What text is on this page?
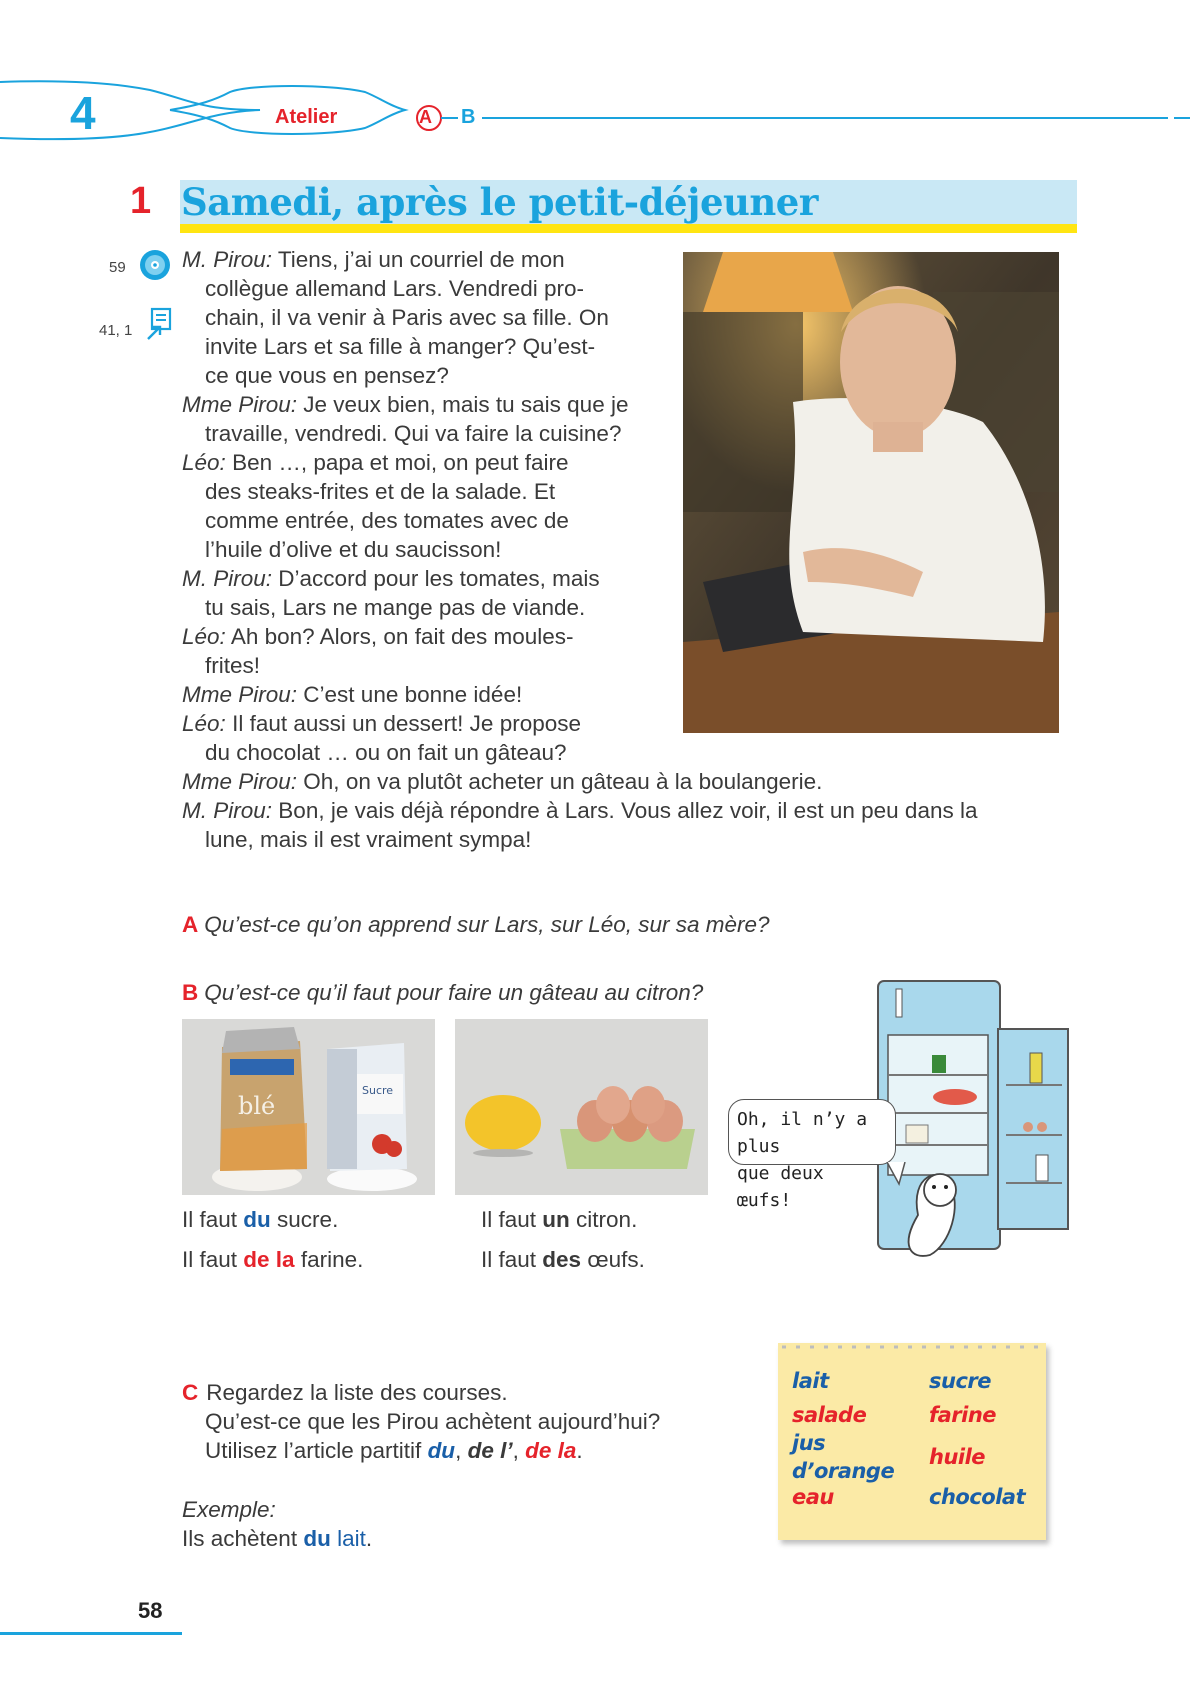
4	Atelier	A B
1 Samedi, après le petit-déjeuner
59
41, 1
M. Pirou: Tiens, j’ai un courriel de mon
collègue allemand Lars. Vendredi pro-
chain, il va venir à Paris avec sa fille. On
invite Lars et sa fille à manger? Qu’est-
ce que vous en pensez?
Mme Pirou: Je veux bien, mais tu sais que je
travaille, vendredi. Qui va faire la cuisine?
Léo: Ben …, papa et moi, on peut faire
des steaks-frites et de la salade. Et
comme entrée, des tomates avec de
l’huile d’olive et du saucisson!
M. Pirou: D’accord pour les tomates, mais
tu sais, Lars ne mange pas de viande.
Léo: Ah bon? Alors, on fait des moules-
frites!
Mme Pirou: C’est une bonne idée!
Léo: Il faut aussi un dessert! Je propose
du chocolat … ou on fait un gâteau?
Mme Pirou: Oh, on va plutôt acheter un gâteau à la boulangerie.
M. Pirou: Bon, je vais déjà répondre à Lars. Vous allez voir, il est un peu dans la
lune, mais il est vraiment sympa!
A Qu’est-ce qu’on apprend sur Lars, sur Léo, sur sa mère?
B Qu’est-ce qu’il faut pour faire un gâteau au citron?
blé
Sucre
Il faut du sucre.
Il faut de la farine.
Il faut un citron.
Il faut des œufs.
Oh, il n’y a plus
que deux œufs!
C Regardez la liste des courses.
Qu’est-ce que les Pirou achètent aujourd’hui?
Utilisez l’article partitif du, de l’, de la.
Exemple:
Ils achètent du lait.
lait
salade
jus
d’orange
eau
sucre
farine
huile
chocolat
58
